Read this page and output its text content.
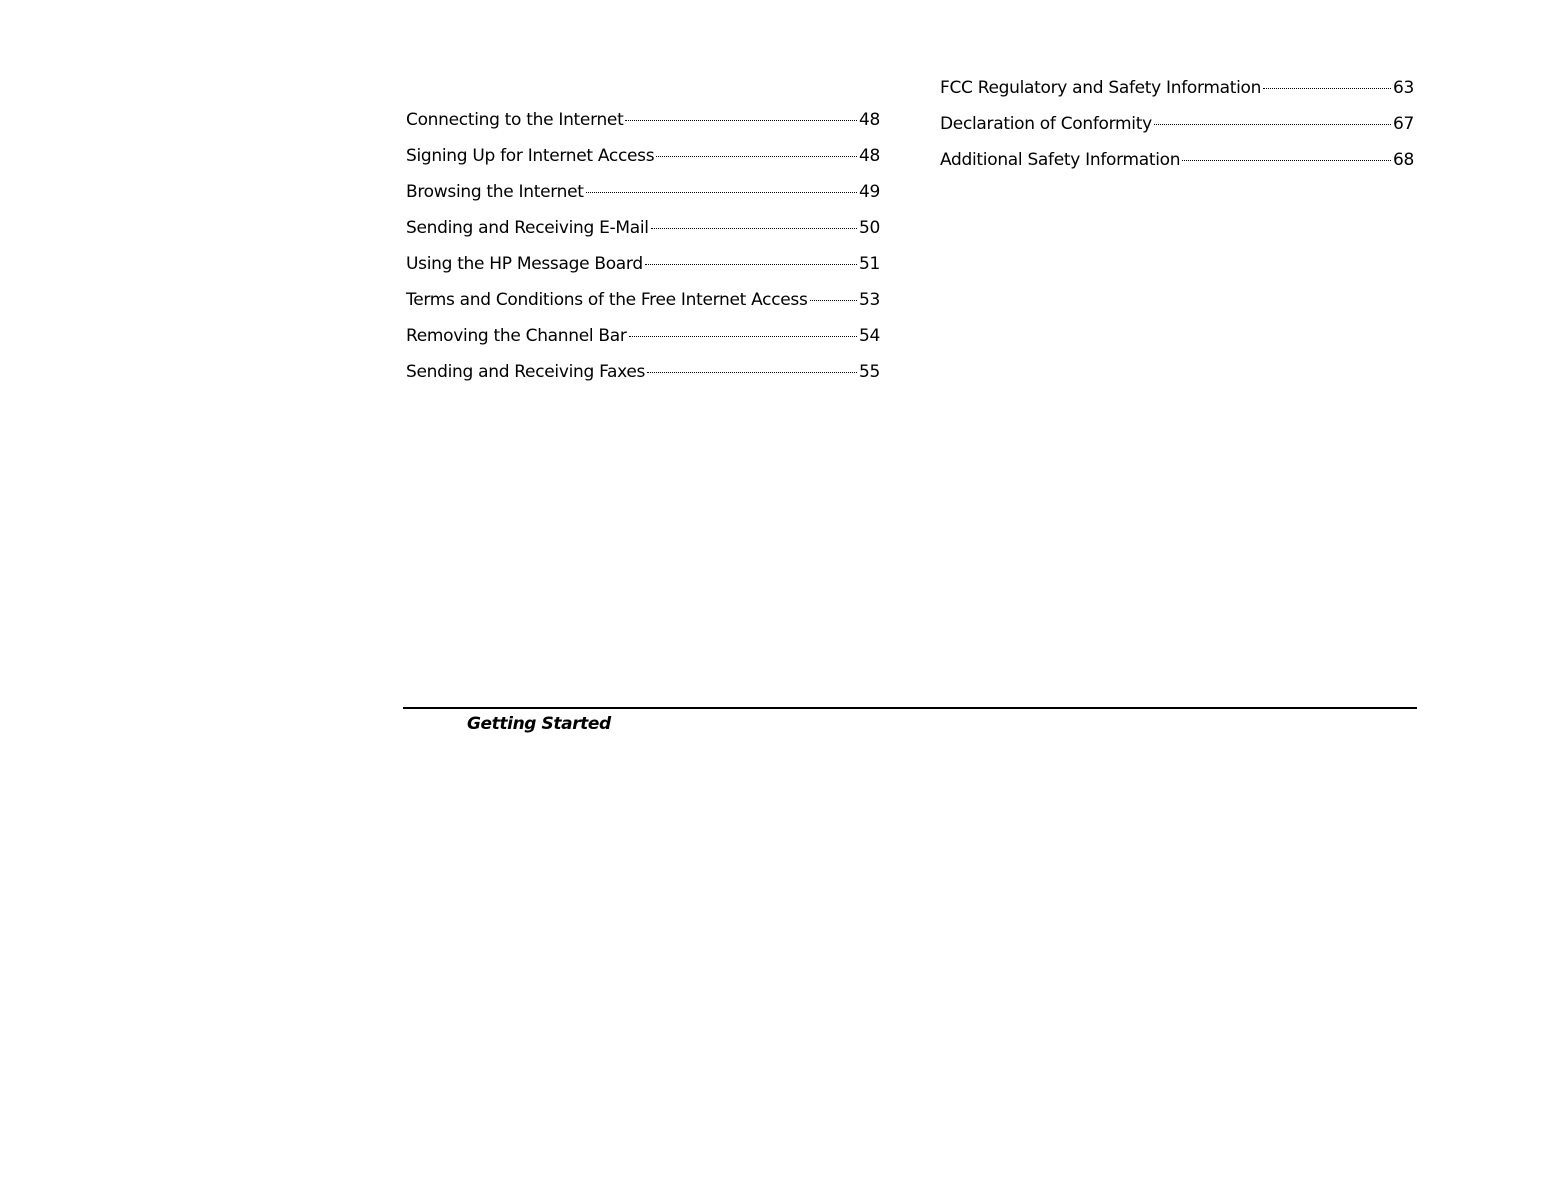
Connecting to the Internet	48
Signing Up for Internet Access	48
Browsing the Internet	49
Sending and Receiving E-Mail	50
Using the HP Message Board	51
Terms and Conditions of the Free Internet Access	53
Removing the Channel Bar	54
Sending and Receiving Faxes	55
FCC Regulatory and Safety Information	63
Declaration of Conformity	67
Additional Safety Information	68
Getting Started
